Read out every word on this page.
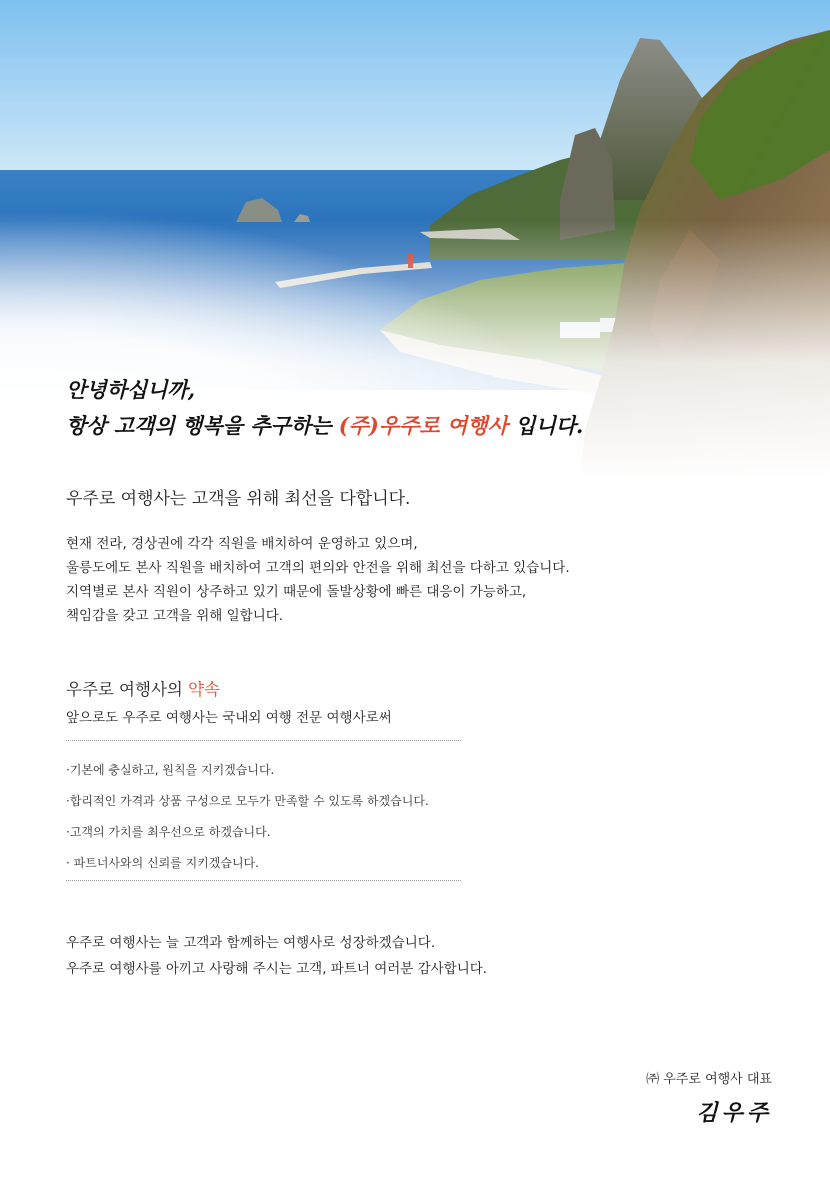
안녕하십니까,
항상 고객의 행복을 추구하는 (주)우주로 여행사 입니다.
우주로 여행사는 고객을 위해 최선을 다합니다.
현재 전라, 경상권에 각각 직원을 배치하여 운영하고 있으며,
울릉도에도 본사 직원을 배치하여 고객의 편의와 안전을 위해 최선을 다하고 있습니다.
지역별로 본사 직원이 상주하고 있기 때문에 돌발상황에 빠른 대응이 가능하고,
책임감을 갖고 고객을 위해 일합니다.
우주로 여행사의 약속
앞으로도 우주로 여행사는 국내외 여행 전문 여행사로써
·기본에 충실하고, 원칙을 지키겠습니다.
·합리적인 가격과 상품 구성으로 모두가 만족할 수 있도록 하겠습니다.
·고객의 가치를 최우선으로 하겠습니다.
· 파트너사와의 신뢰를 지키겠습니다.
우주로 여행사는 늘 고객과 함께하는 여행사로 성장하겠습니다.
우주로 여행사를 아끼고 사랑해 주시는 고객, 파트너 여러분 감사합니다.
㈜ 우주로 여행사 대표
김우주
